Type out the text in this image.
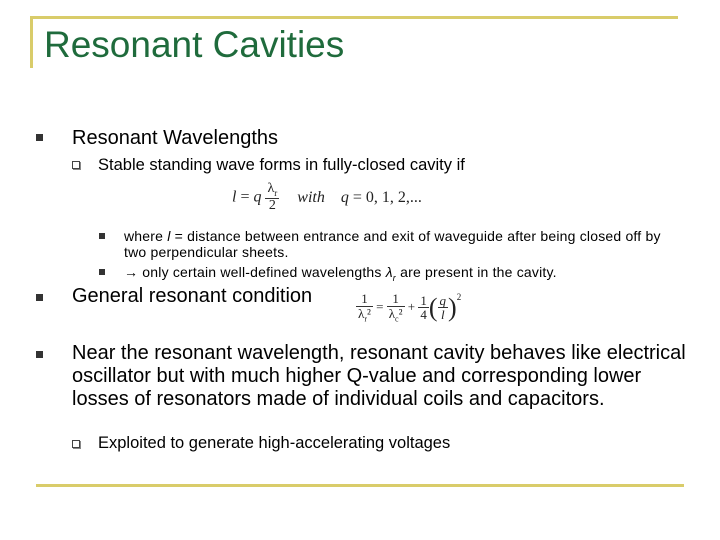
Resonant Cavities
Resonant Wavelengths
Stable standing wave forms in fully-closed cavity if
l = q $\frac{\lambda_r}{2}$ with q = 0, 1, 2,...
where l = distance between entrance and exit of waveguide after being closed off by two perpendicular sheets.
→ only certain well-defined wavelengths $\lambda_r$ are present in the cavity.
General resonant condition	$\frac{1}{\lambda_r^2} = \frac{1}{\lambda_c^2} + \frac{1}{4}$ ( $\frac{q}{l} )^2$
Near the resonant wavelength, resonant cavity behaves like electrical oscillator but with much higher Q-value and corresponding lower losses of resonators made of individual coils and capacitors.
Exploited to generate high-accelerating voltages
